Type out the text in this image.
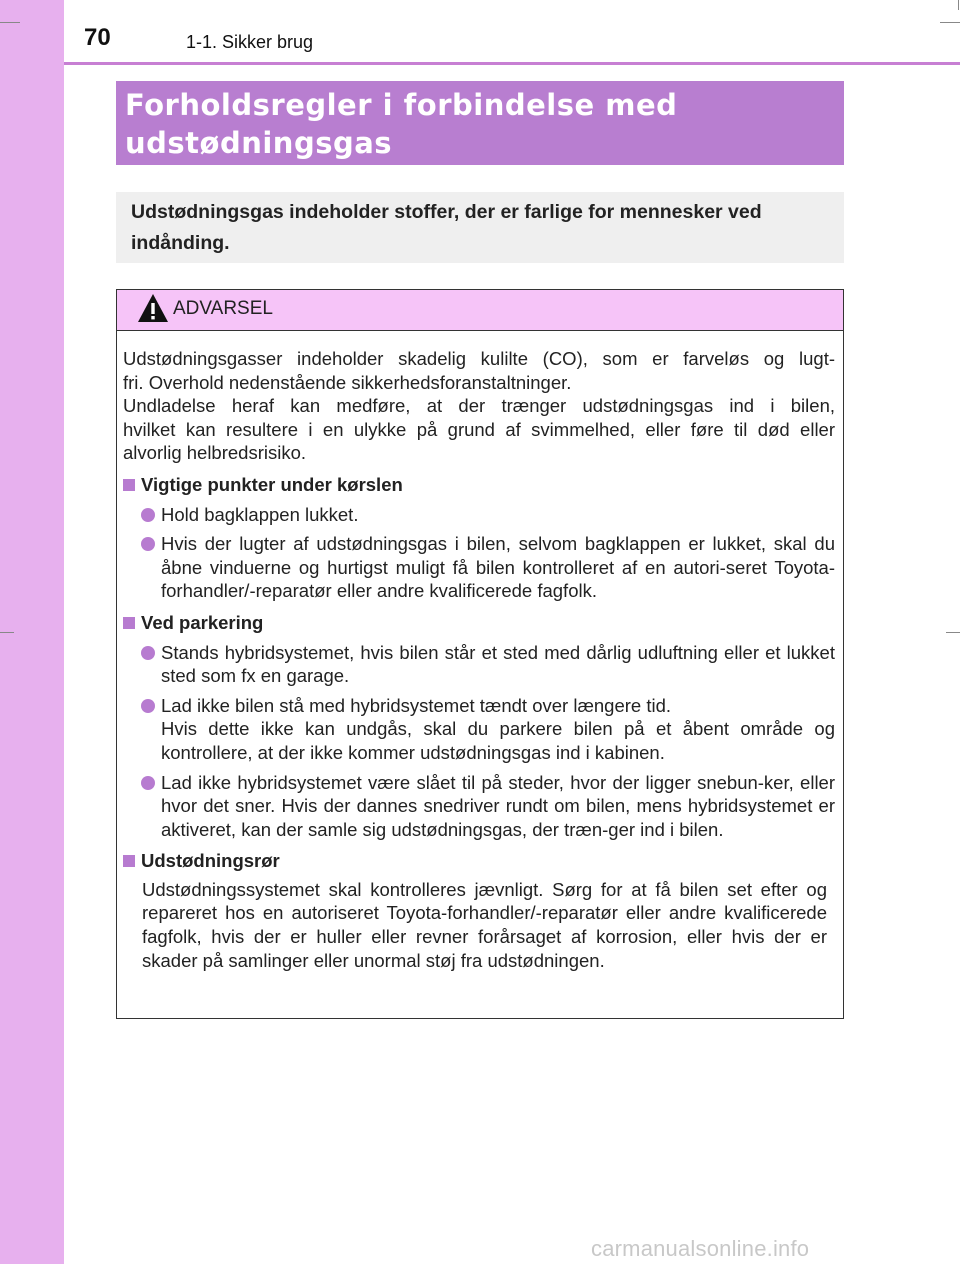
70	1-1. Sikker brug
Forholdsregler i forbindelse med
udstødningsgas

Udstødningsgas indeholder stoffer, der er farlige for mennesker ved indånding.

ADVARSEL

Udstødningsgasser indeholder skadelig kulilte (CO), som er farveløs og lugt-
fri. Overhold nedenstående sikkerhedsforanstaltninger.
Undladelse heraf kan medføre, at der trænger udstødningsgas ind i bilen,
hvilket kan resultere i en ulykke på grund af svimmelhed, eller føre til død eller
alvorlig helbredsrisiko.

Vigtige punkter under kørslen
Hold bagklappen lukket.
Hvis der lugter af udstødningsgas i bilen, selvom bagklappen er lukket, skal du åbne vinduerne og hurtigst muligt få bilen kontrolleret af en autori-seret Toyota-forhandler/-reparatør eller andre kvalificerede fagfolk.
Ved parkering
Stands hybridsystemet, hvis bilen står et sted med dårlig udluftning eller et lukket sted som fx en garage.
Lad ikke bilen stå med hybridsystemet tændt over længere tid.
Hvis dette ikke kan undgås, skal du parkere bilen på et åbent område og kontrollere, at der ikke kommer udstødningsgas ind i kabinen.
Lad ikke hybridsystemet være slået til på steder, hvor der ligger snebun-ker, eller hvor det sner. Hvis der dannes snedriver rundt om bilen, mens hybridsystemet er aktiveret, kan der samle sig udstødningsgas, der træn-ger ind i bilen.
Udstødningsrør

Udstødningssystemet skal kontrolleres jævnligt. Sørg for at få bilen set efter og repareret hos en autoriseret Toyota-forhandler/-reparatør eller andre kvalificerede fagfolk, hvis der er huller eller revner forårsaget af korrosion, eller hvis der er skader på samlinger eller unormal støj fra udstødningen.

carmanualsonline.info
